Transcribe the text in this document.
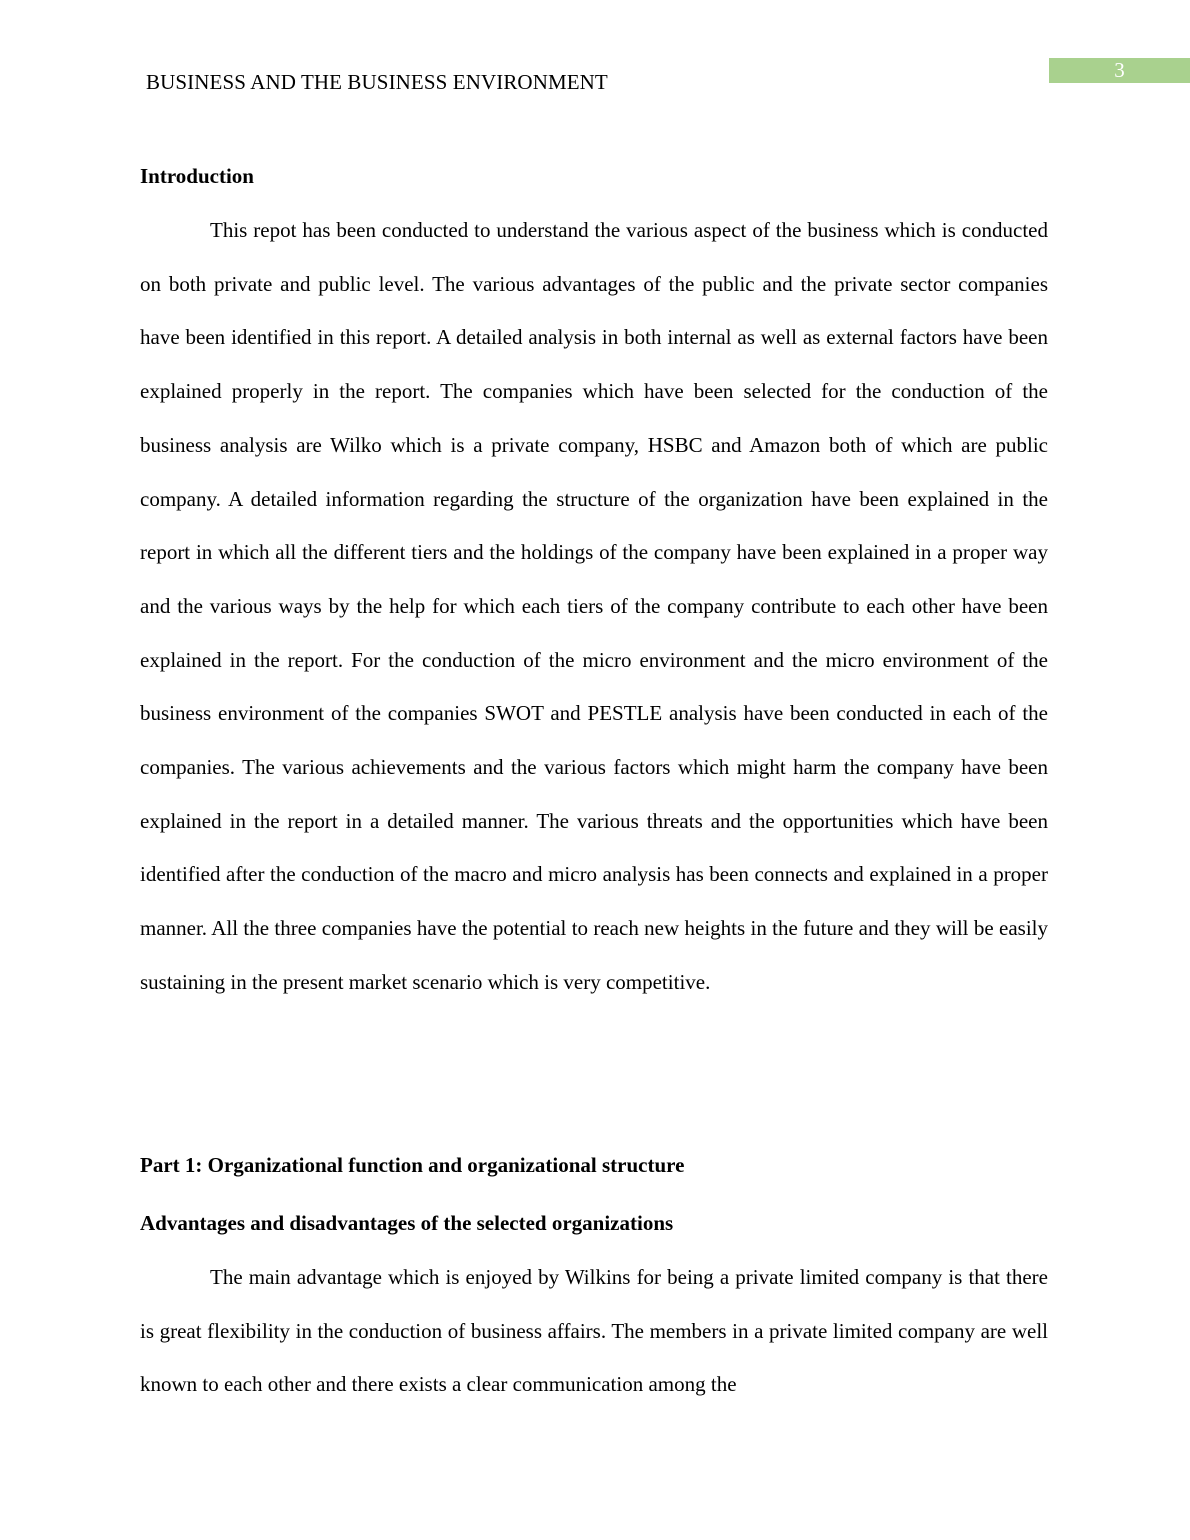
BUSINESS AND THE BUSINESS ENVIRONMENT	3
Introduction

This repot has been conducted to understand the various aspect of the business which is conducted on both private and public level. The various advantages of the public and the private sector companies have been identified in this report. A detailed analysis in both internal as well as external factors have been explained properly in the report. The companies which have been selected for the conduction of the business analysis are Wilko which is a private company, HSBC and Amazon both of which are public company. A detailed information regarding the structure of the organization have been explained in the report in which all the different tiers and the holdings of the company have been explained in a proper way and the various ways by the help for which each tiers of the company contribute to each other have been explained in the report. For the conduction of the micro environment and the micro environment of the business environment of the companies SWOT and PESTLE analysis have been conducted in each of the companies. The various achievements and the various factors which might harm the company have been explained in the report in a detailed manner. The various threats and the opportunities which have been identified after the conduction of the macro and micro analysis has been connects and explained in a proper manner. All the three companies have the potential to reach new heights in the future and they will be easily sustaining in the present market scenario which is very competitive.

Part 1: Organizational function and organizational structure
Advantages and disadvantages of the selected organizations

The main advantage which is enjoyed by Wilkins for being a private limited company is that there is great flexibility in the conduction of business affairs. The members in a private limited company are well known to each other and there exists a clear communication among the
